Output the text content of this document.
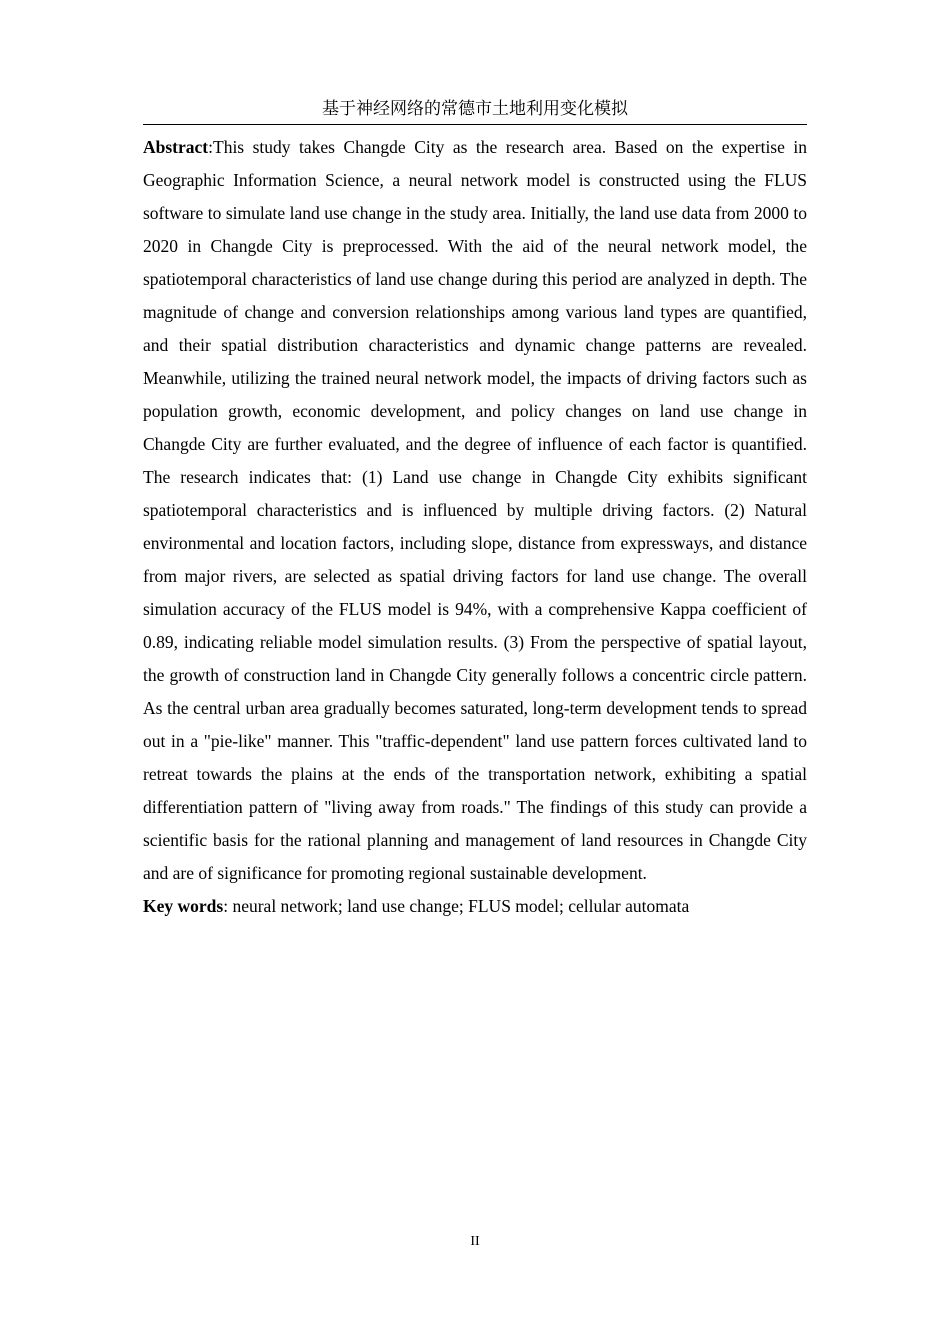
基于神经网络的常德市土地利用变化模拟

Abstract:This study takes Changde City as the research area. Based on the expertise in Geographic Information Science, a neural network model is constructed using the FLUS software to simulate land use change in the study area. Initially, the land use data from 2000 to 2020 in Changde City is preprocessed. With the aid of the neural network model, the spatiotemporal characteristics of land use change during this period are analyzed in depth. The magnitude of change and conversion relationships among various land types are quantified, and their spatial distribution characteristics and dynamic change patterns are revealed. Meanwhile, utilizing the trained neural network model, the impacts of driving factors such as population growth, economic development, and policy changes on land use change in Changde City are further evaluated, and the degree of influence of each factor is quantified. The research indicates that: (1) Land use change in Changde City exhibits significant spatiotemporal characteristics and is influenced by multiple driving factors. (2) Natural environmental and location factors, including slope, distance from expressways, and distance from major rivers, are selected as spatial driving factors for land use change. The overall simulation accuracy of the FLUS model is 94%, with a comprehensive Kappa coefficient of 0.89, indicating reliable model simulation results. (3) From the perspective of spatial layout, the growth of construction land in Changde City generally follows a concentric circle pattern. As the central urban area gradually becomes saturated, long-term development tends to spread out in a "pie-like" manner. This "traffic-dependent" land use pattern forces cultivated land to retreat towards the plains at the ends of the transportation network, exhibiting a spatial differentiation pattern of "living away from roads." The findings of this study can provide a scientific basis for the rational planning and management of land resources in Changde City and are of significance for promoting regional sustainable development.

Key words: neural network; land use change; FLUS model; cellular automata

II
